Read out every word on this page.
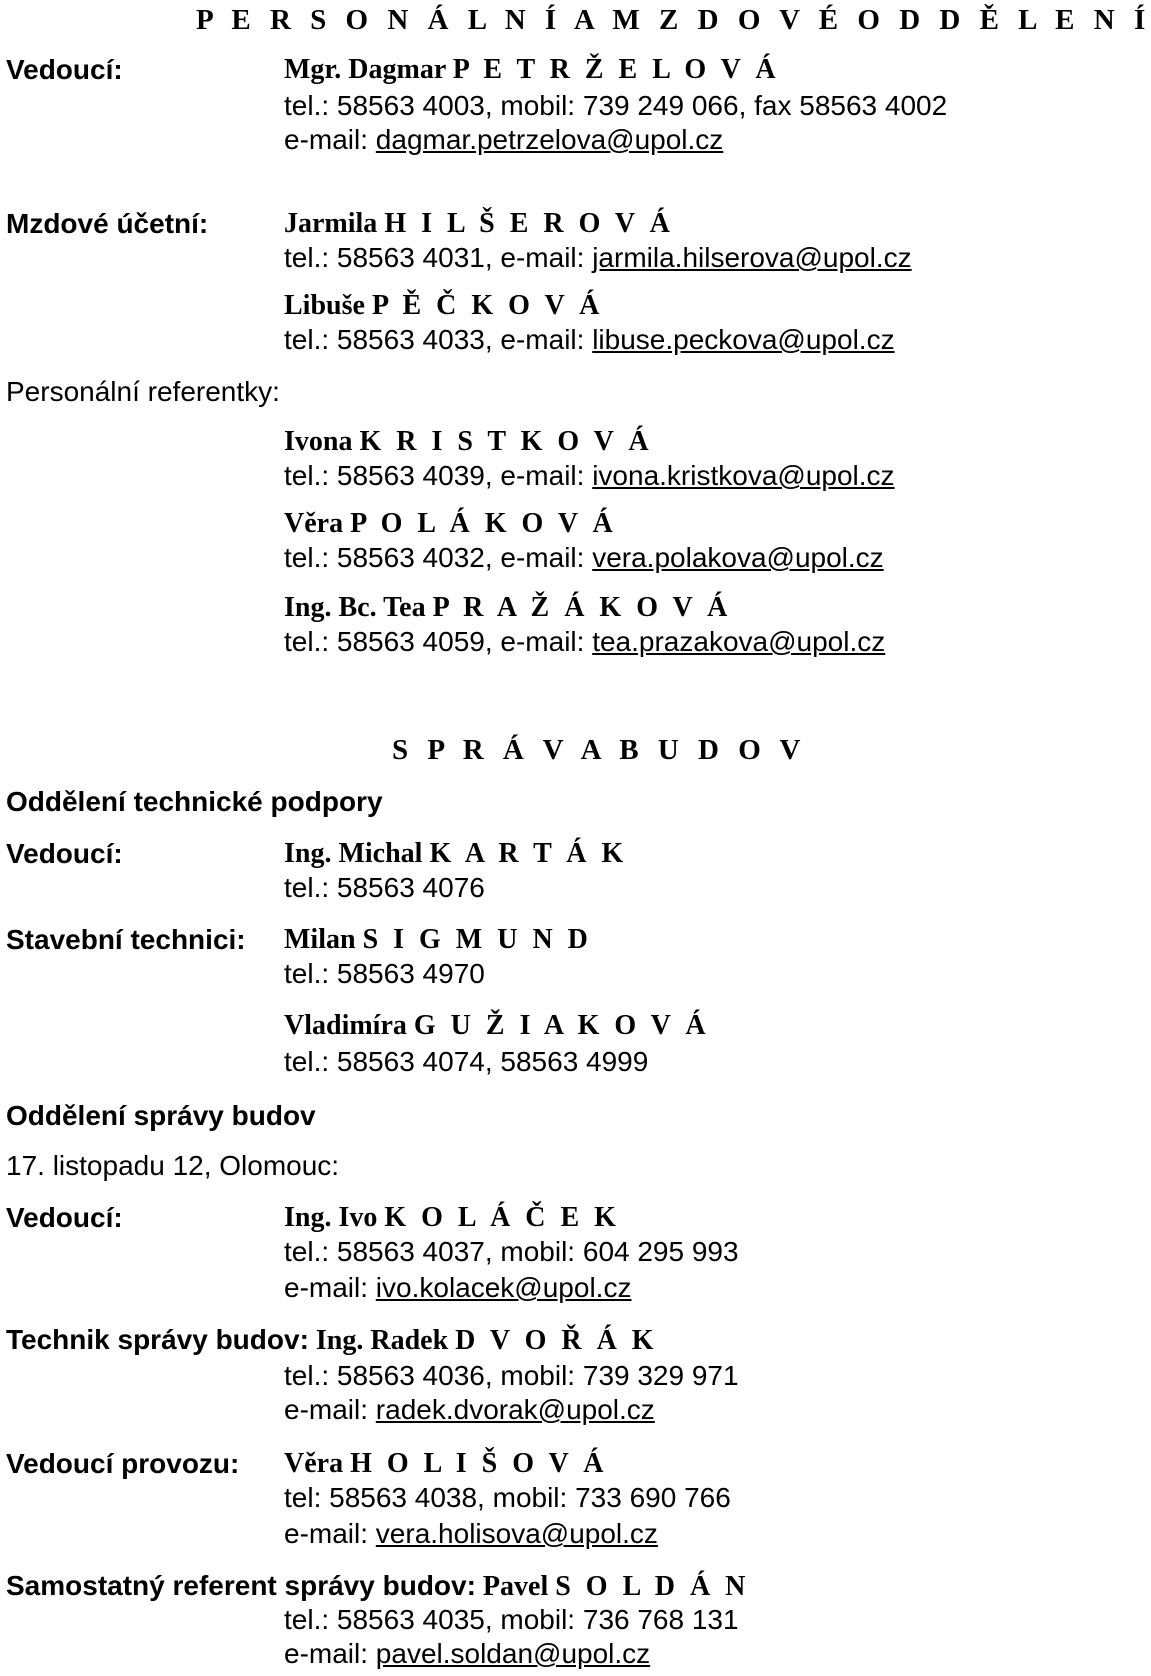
P E R S O N Á L N Í A M Z D O V É O D D Ě L E N Í
Vedoucí:	Mgr. Dagmar P E T R Ž E L O V Á
tel.: 58563 4003, mobil: 739 249 066, fax 58563 4002
e-mail: dagmar.petrzelova@upol.cz
Mzdové účetní:	Jarmila H I L Š E R O V Á
tel.: 58563 4031, e-mail: jarmila.hilserova@upol.cz
Libuše P Ě Č K O V Á
tel.: 58563 4033, e-mail: libuse.peckova@upol.cz
Personální referentky:
Ivona K R I S T K O V Á
tel.: 58563 4039, e-mail: ivona.kristkova@upol.cz
Věra P O L Á K O V Á
tel.: 58563 4032, e-mail: vera.polakova@upol.cz
Ing. Bc. Tea P R A Ž Á K O V Á
tel.: 58563 4059, e-mail: tea.prazakova@upol.cz
S P R Á V A B U D O V
Oddělení technické podpory
Vedoucí:	Ing. Michal K A R T Á K
tel.: 58563 4076
Stavební technici: Milan S I G M U N D
tel.: 58563 4970
Vladimíra G U Ž I A K O V Á
tel.: 58563 4074, 58563 4999
Oddělení správy budov
17. listopadu 12, Olomouc:
Vedoucí:	Ing. Ivo K O L Á Č E K
tel.: 58563 4037, mobil: 604 295 993
e-mail: ivo.kolacek@upol.cz
Technik správy budov: Ing. Radek D V O Ř Á K
tel.: 58563 4036, mobil: 739 329 971
e-mail: radek.dvorak@upol.cz
Vedoucí provozu: Věra H O L I Š O V Á
tel: 58563 4038, mobil: 733 690 766
e-mail: vera.holisova@upol.cz
Samostatný referent správy budov: Pavel S O L D Á N
tel.: 58563 4035, mobil: 736 768 131
e-mail: pavel.soldan@upol.cz
